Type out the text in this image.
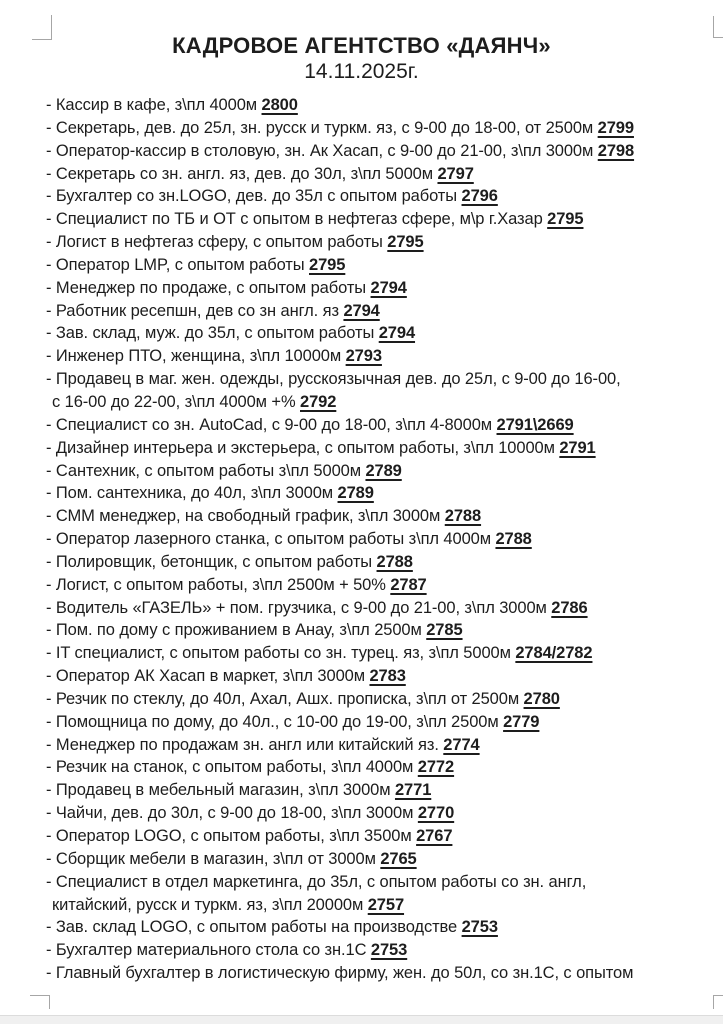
КАДРОВОЕ АГЕНТСТВО «ДАЯНЧ»
14.11.2025г.
- Кассир в кафе, з\пл 4000м 2800
- Секретарь, дев. до 25л, зн. русск и туркм. яз, с 9-00 до 18-00, от 2500м 2799
- Оператор-кассир в столовую, зн. Ак Хасап, с 9-00 до 21-00, з\пл 3000м 2798
- Секретарь со зн. англ. яз, дев. до 30л, з\пл 5000м 2797
- Бухгалтер со зн.LOGO, дев. до 35л с опытом работы 2796
- Специалист по ТБ и ОТ с опытом в нефтегаз сфере, м\р г.Хазар 2795
- Логист в нефтегаз сферу, с опытом работы 2795
- Оператор LMP, с опытом работы 2795
- Менеджер по продаже, с опытом работы 2794
- Работник ресепшн, дев со зн англ. яз 2794
- Зав. склад, муж. до 35л, с опытом работы 2794
- Инженер ПТО, женщина, з\пл 10000м 2793
- Продавец в маг. жен. одежды, русскоязычная дев. до 25л, с 9-00 до 16-00,
с 16-00 до 22-00, з\пл 4000м +% 2792
- Специалист со зн. AutoCad, с 9-00 до 18-00, з\пл 4-8000м 2791\2669
- Дизайнер интерьера и экстерьера, с опытом работы, з\пл 10000м 2791
- Сантехник, с опытом работы з\пл 5000м 2789
- Пом. сантехника, до 40л, з\пл 3000м 2789
- СММ менеджер, на свободный график, з\пл 3000м 2788
- Оператор лазерного станка, с опытом работы з\пл 4000м 2788
- Полировщик, бетонщик, с опытом работы 2788
- Логист, с опытом работы, з\пл 2500м + 50% 2787
- Водитель «ГАЗЕЛЬ» + пом. грузчика, с 9-00 до 21-00, з\пл 3000м 2786
- Пом. по дому с проживанием в Анау, з\пл 2500м 2785
- IT специалист, с опытом работы со зн. турец. яз, з\пл 5000м 2784/2782
- Оператор АК Хасап в маркет, з\пл 3000м 2783
- Резчик по стеклу, до 40л, Ахал, Ашх. прописка, з\пл от 2500м 2780
- Помощница по дому, до 40л., с 10-00 до 19-00, з\пл 2500м 2779
- Менеджер по продажам зн. англ или китайский яз. 2774
- Резчик на станок, с опытом работы, з\пл 4000м 2772
- Продавец в мебельный магазин, з\пл 3000м 2771
- Чайчи, дев. до 30л, с 9-00 до 18-00, з\пл 3000м 2770
- Оператор LOGO, с опытом работы, з\пл 3500м 2767
- Сборщик мебели в магазин, з\пл от 3000м 2765
- Специалист в отдел маркетинга, до 35л, с опытом работы со зн. англ,
китайский, русск и туркм. яз, з\пл 20000м 2757
- Зав. склад LOGO, с опытом работы на производстве 2753
- Бухгалтер материального стола со зн.1С 2753
- Главный бухгалтер в логистическую фирму, жен. до 50л, со зн.1С, с опытом
